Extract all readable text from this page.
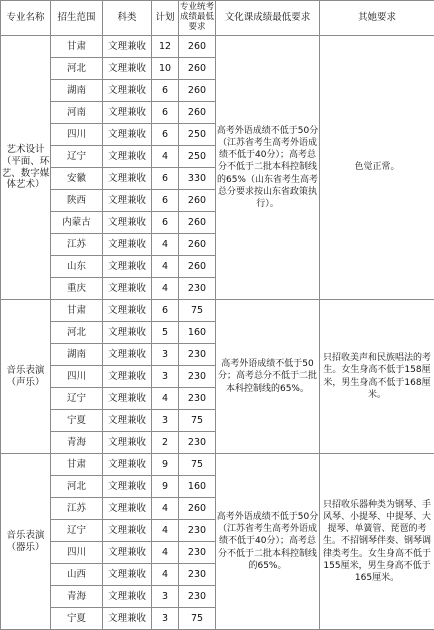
专业名称	招生范围	科类	计划	专业统考成绩最低要求	文化课成绩最低要求	其她要求
艺术设计（平面、环艺、数字媒体艺术）	甘肃	文理兼收	12	260	高考外语成绩不低于50分（江苏省考生高考外语成绩不低于40分）；高考总分不低于二批本科控制线的65%（山东省考生高考总分要求按山东省政策执行）。	色觉正常。
	河北	文理兼收	10	260		
	湖南	文理兼收	6	260		
	河南	文理兼收	6	260		
	四川	文理兼收	6	250		
	辽宁	文理兼收	4	250		
	安徽	文理兼收	6	330		
	陕西	文理兼收	6	260		
	内蒙古	文理兼收	6	260		
	江苏	文理兼收	4	260		
	山东	文理兼收	4	260		
	重庆	文理兼收	4	230		
音乐表演（声乐）	甘肃	文理兼收	6	75	高考外语成绩不低于50分；高考总分不低于二批本科控制线的65%。	只招收美声和民族唱法的考生。女生身高不低于158厘米，男生身高不低于168厘米。
	河北	文理兼收	5	160		
	湖南	文理兼收	3	230		
	四川	文理兼收	3	230		
	辽宁	文理兼收	4	230		
	宁夏	文理兼收	3	75		
	青海	文理兼收	2	230		
音乐表演（器乐）	甘肃	文理兼收	9	75	高考外语成绩不低于50分（江苏省考生高考外语成绩不低于40分）；高考总分不低于二批本科控制线的65%。	只招收乐器种类为钢琴、手风琴、小提琴、中提琴、大提琴、单簧管、琵琶的考生。不招钢琴伴奏、钢琴调律类考生。女生身高不低于155厘米，男生身高不低于165厘米。
	河北	文理兼收	9	160		
	江苏	文理兼收	4	260		
	辽宁	文理兼收	4	230		
	四川	文理兼收	4	230		
	山西	文理兼收	4	230		
	青海	文理兼收	3	230		
	宁夏	文理兼收	3	75		
